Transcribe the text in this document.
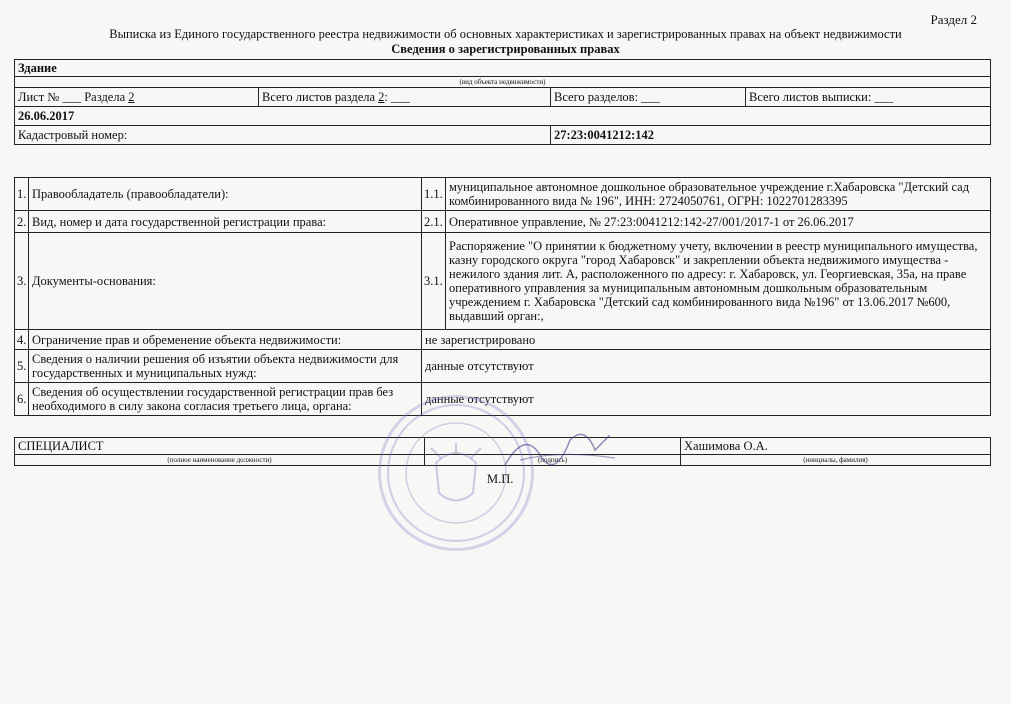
Раздел 2
Выписка из Единого государственного реестра недвижимости об основных характеристиках и зарегистрированных правах на объект недвижимости
Сведения о зарегистрированных правах
Здание			
(вид объекта недвижимости)			
Лист № ___ Раздела 2	Всего листов раздела 2: ___	Всего разделов: ___	Всего листов выписки: ___
26.06.2017			
Кадастровый номер:		27:23:0041212:142	
1.	Правообладатель (правообладатели):	1.1.	муниципальное автономное дошкольное образовательное учреждение г.Хабаровска "Детский сад комбинированного вида № 196", ИНН: 2724050761, ОГРН: 1022701283395
2.	Вид, номер и дата государственной регистрации права:	2.1.	Оперативное управление, № 27:23:0041212:142-27/001/2017-1 от 26.06.2017
3.	Документы-основания:	3.1.	Распоряжение "О принятии к бюджетному учету, включении в реестр муниципального имущества, казну городского округа "город Хабаровск" и закреплении объекта недвижимого имущества - нежилого здания лит. А, расположенного по адресу: г. Хабаровск, ул. Георгиевская, 35а, на праве оперативного управления за муниципальным автономным дошкольным образовательным учреждением г. Хабаровска "Детский сад комбинированного вида №196" от 13.06.2017 №600, выдавший орган:,
4.	Ограничение прав и обременение объекта недвижимости:	не зарегистрировано	
5.	Сведения о наличии решения об изъятии объекта недвижимости для государственных и муниципальных нужд:	данные отсутствуют	
6.	Сведения об осуществлении государственной регистрации прав без необходимого в силу закона согласия третьего лица, органа:	данные отсутствуют	
СПЕЦИАЛИСТ		Хашимова О.А.
(полное наименование должности)	(подпись)	(инициалы, фамилия)
М.П.
